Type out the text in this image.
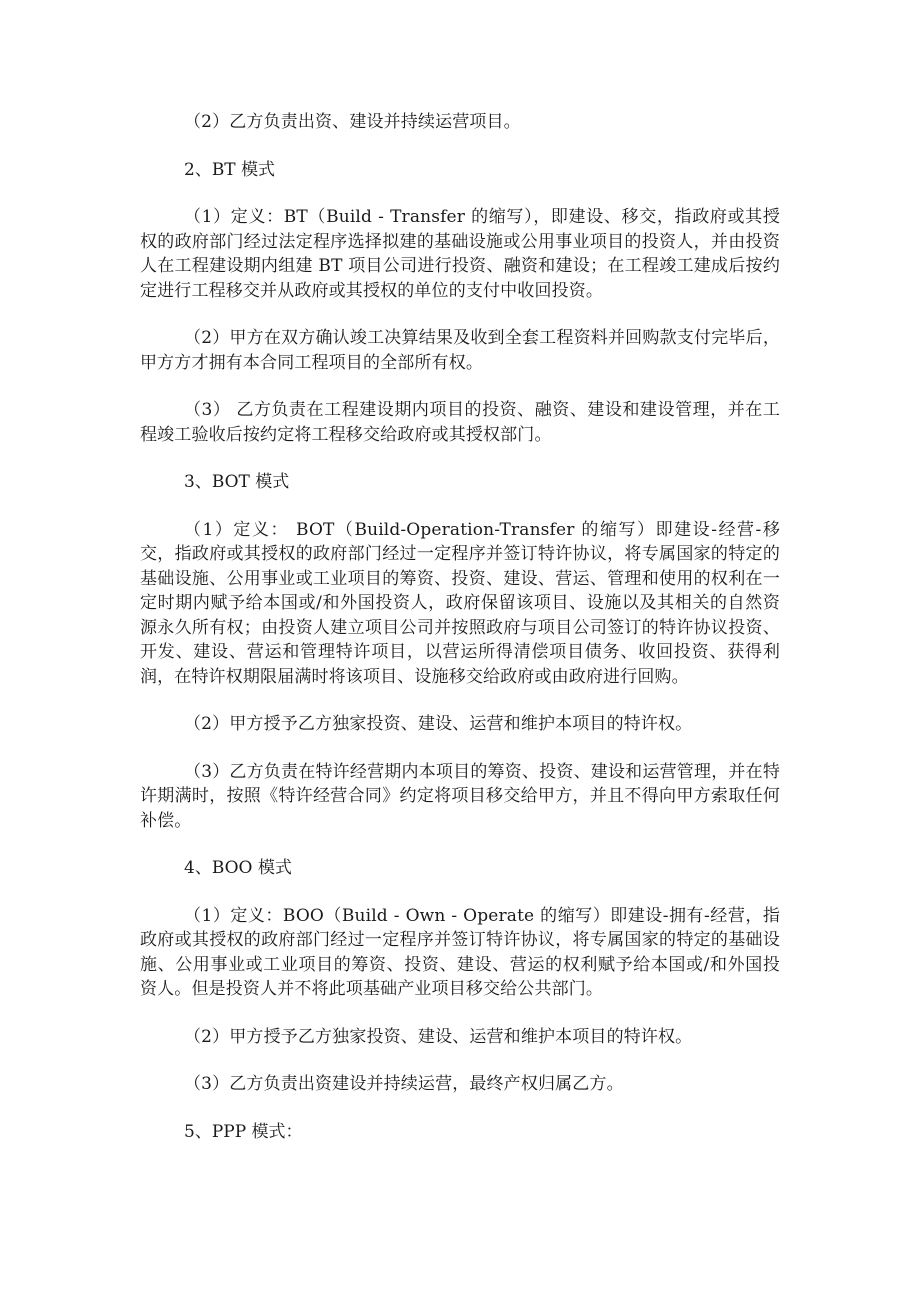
（2）乙方负责出资、建设并持续运营项目。

2、BT 模式

（1）定义：BT（Build - Transfer 的缩写），即建设、移交，指政府或其授权的政府部门经过法定程序选择拟建的基础设施或公用事业项目的投资人，并由投资人在工程建设期内组建 BT 项目公司进行投资、融资和建设；在工程竣工建成后按约定进行工程移交并从政府或其授权的单位的支付中收回投资。

（2）甲方在双方确认竣工决算结果及收到全套工程资料并回购款支付完毕后，甲方方才拥有本合同工程项目的全部所有权。

（3） 乙方负责在工程建设期内项目的投资、融资、建设和建设管理，并在工程竣工验收后按约定将工程移交给政府或其授权部门。

3、BOT 模式

（1）定义： BOT（Build-Operation-Transfer 的缩写）即建设-经营-移交，指政府或其授权的政府部门经过一定程序并签订特许协议，将专属国家的特定的基础设施、公用事业或工业项目的筹资、投资、建设、营运、管理和使用的权利在一定时期内赋予给本国或/和外国投资人，政府保留该项目、设施以及其相关的自然资源永久所有权；由投资人建立项目公司并按照政府与项目公司签订的特许协议投资、开发、建设、营运和管理特许项目，以营运所得清偿项目债务、收回投资、获得利润，在特许权期限届满时将该项目、设施移交给政府或由政府进行回购。

（2）甲方授予乙方独家投资、建设、运营和维护本项目的特许权。

（3）乙方负责在特许经营期内本项目的筹资、投资、建设和运营管理，并在特许期满时，按照《特许经营合同》约定将项目移交给甲方，并且不得向甲方索取任何补偿。

4、BOO 模式

（1）定义：BOO（Build - Own - Operate 的缩写）即建设-拥有-经营，指政府或其授权的政府部门经过一定程序并签订特许协议，将专属国家的特定的基础设施、公用事业或工业项目的筹资、投资、建设、营运的权利赋予给本国或/和外国投资人。但是投资人并不将此项基础产业项目移交给公共部门。

（2）甲方授予乙方独家投资、建设、运营和维护本项目的特许权。

（3）乙方负责出资建设并持续运营，最终产权归属乙方。

5、PPP 模式：
